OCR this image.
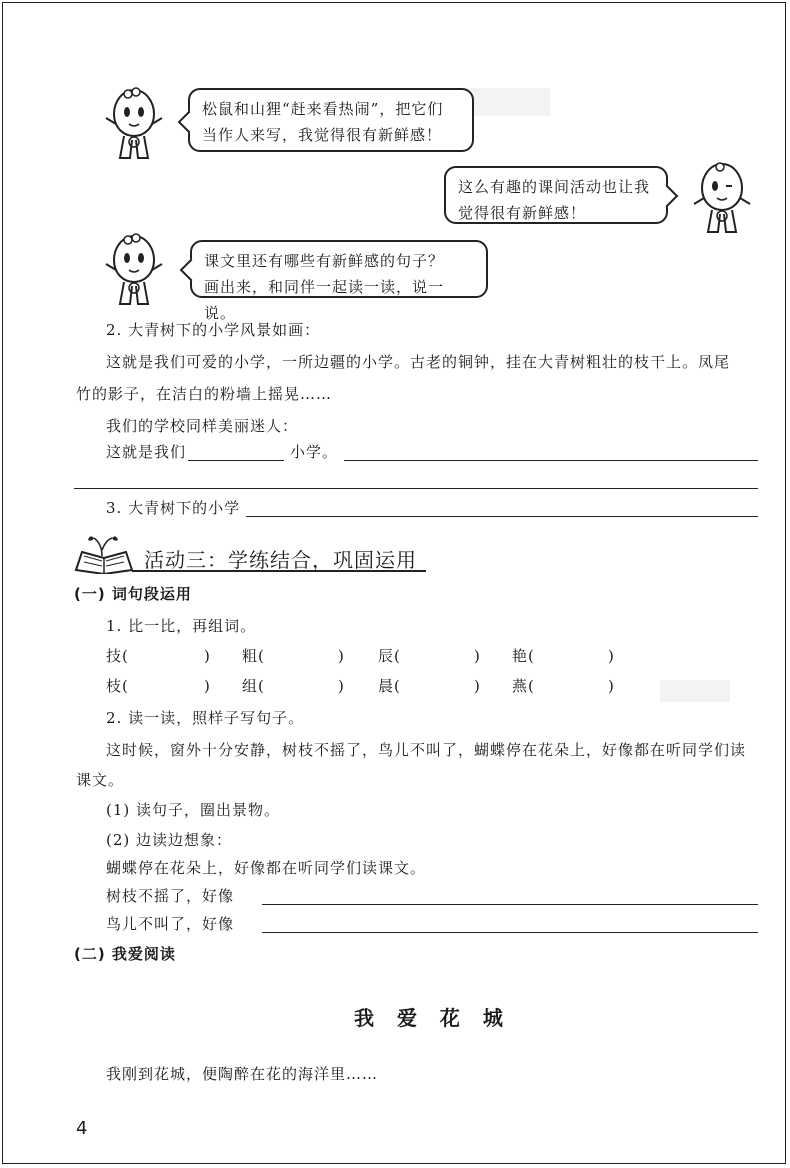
松鼠和山狸“赶来看热闹”，把它们
当作人来写，我觉得很有新鲜感！
这么有趣的课间活动也让我
觉得很有新鲜感！
课文里还有哪些有新鲜感的句子？
画出来，和同伴一起读一读，说一说。
2. 大青树下的小学风景如画：
这就是我们可爱的小学，一所边疆的小学。古老的铜钟，挂在大青树粗壮的枝干上。凤尾
竹的影子，在洁白的粉墙上摇晃……
我们的学校同样美丽迷人：
这就是我们	小学。
3. 大青树下的小学
活动三：学练结合，巩固运用
(一) 词句段运用
1. 比一比，再组词。
技(	) 粗(	) 辰(	) 艳(	)
枝(	) 组(	) 晨(	) 燕(	)
2. 读一读，照样子写句子。
这时候，窗外十分安静，树枝不摇了，鸟儿不叫了，蝴蝶停在花朵上，好像都在听同学们读
课文。
(1) 读句子，圈出景物。
(2) 边读边想象：
蝴蝶停在花朵上，好像都在听同学们读课文。
树枝不摇了，好像
鸟儿不叫了，好像
(二) 我爱阅读
我 爱 花 城
我刚到花城，便陶醉在花的海洋里……
4
